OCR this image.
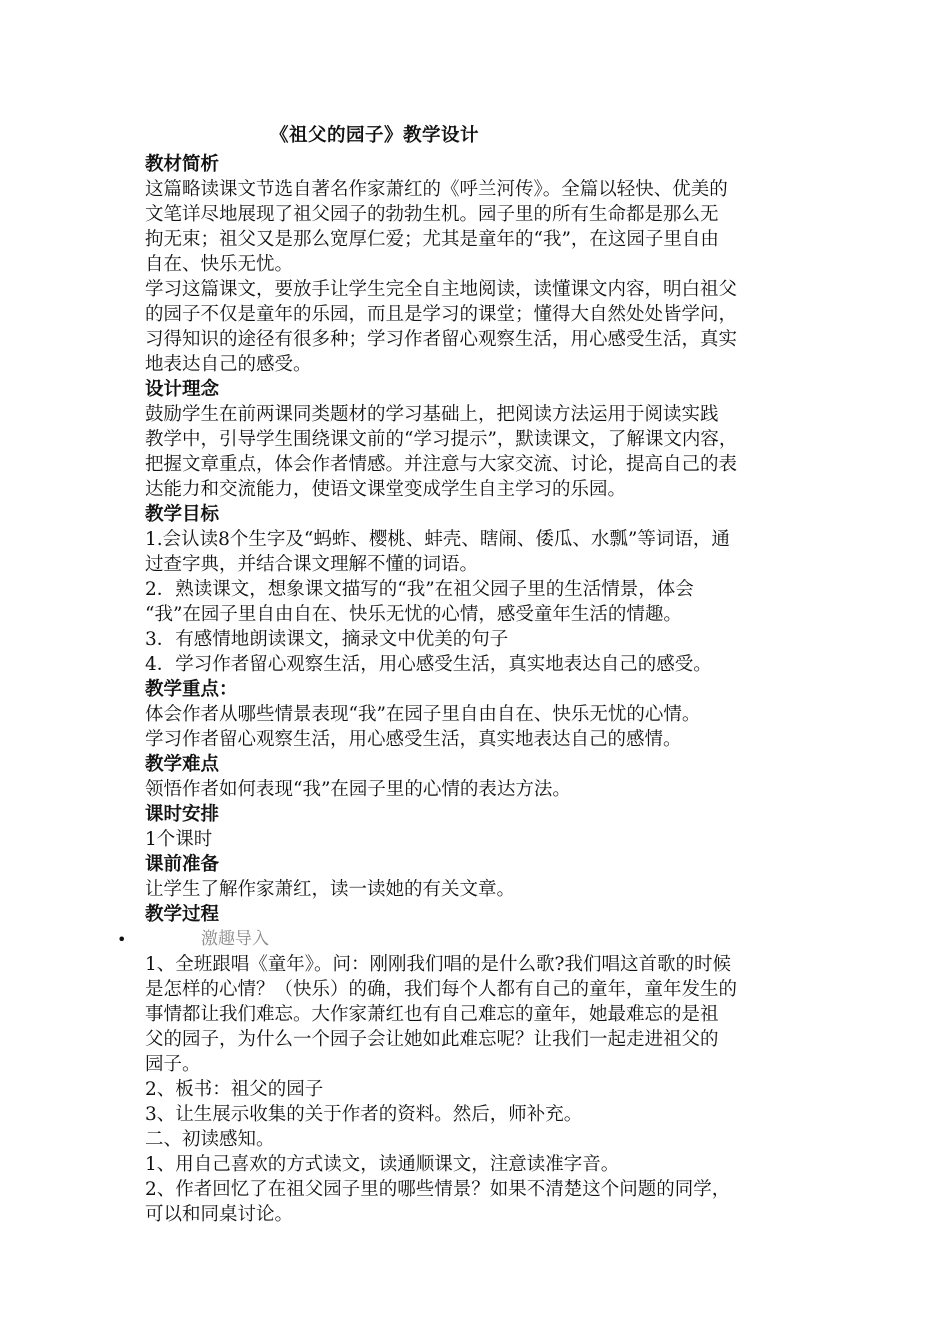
《祖父的园子》教学设计
教材简析
这篇略读课文节选自著名作家萧红的《呼兰河传》。全篇以轻快、优美的
文笔详尽地展现了祖父园子的勃勃生机。园子里的所有生命都是那么无
拘无束；祖父又是那么宽厚仁爱；尤其是童年的“我”，在这园子里自由
自在、快乐无忧。
学习这篇课文，要放手让学生完全自主地阅读，读懂课文内容，明白祖父
的园子不仅是童年的乐园，而且是学习的课堂；懂得大自然处处皆学问，
习得知识的途径有很多种；学习作者留心观察生活，用心感受生活，真实
地表达自己的感受。
设计理念
鼓励学生在前两课同类题材的学习基础上，把阅读方法运用于阅读实践
教学中，引导学生围绕课文前的“学习提示”，默读课文，了解课文内容，
把握文章重点，体会作者情感。并注意与大家交流、讨论，提高自己的表
达能力和交流能力，使语文课堂变成学生自主学习的乐园。
教学目标
1.会认读8个生字及“蚂蚱、樱桃、蚌壳、瞎闹、倭瓜、水瓢”等词语，通
过查字典，并结合课文理解不懂的词语。
2．熟读课文，想象课文描写的“我”在祖父园子里的生活情景，体会
“我”在园子里自由自在、快乐无忧的心情，感受童年生活的情趣。
3．有感情地朗读课文，摘录文中优美的句子
4．学习作者留心观察生活，用心感受生活，真实地表达自己的感受。
教学重点：
体会作者从哪些情景表现“我”在园子里自由自在、快乐无忧的心情。
学习作者留心观察生活，用心感受生活，真实地表达自己的感情。
教学难点
领悟作者如何表现“我”在园子里的心情的表达方法。
课时安排
1个课时
课前准备
让学生了解作家萧红，读一读她的有关文章。
教学过程
•	激趣导入
1、全班跟唱《童年》。问：刚刚我们唱的是什么歌?我们唱这首歌的时候
是怎样的心情？（快乐）的确，我们每个人都有自己的童年，童年发生的
事情都让我们难忘。大作家萧红也有自己难忘的童年，她最难忘的是祖
父的园子，为什么一个园子会让她如此难忘呢？让我们一起走进祖父的
园子。
2、板书：祖父的园子
3、让生展示收集的关于作者的资料。然后，师补充。
二、初读感知。
1、用自己喜欢的方式读文，读通顺课文，注意读准字音。
2、作者回忆了在祖父园子里的哪些情景？如果不清楚这个问题的同学，
可以和同桌讨论。
